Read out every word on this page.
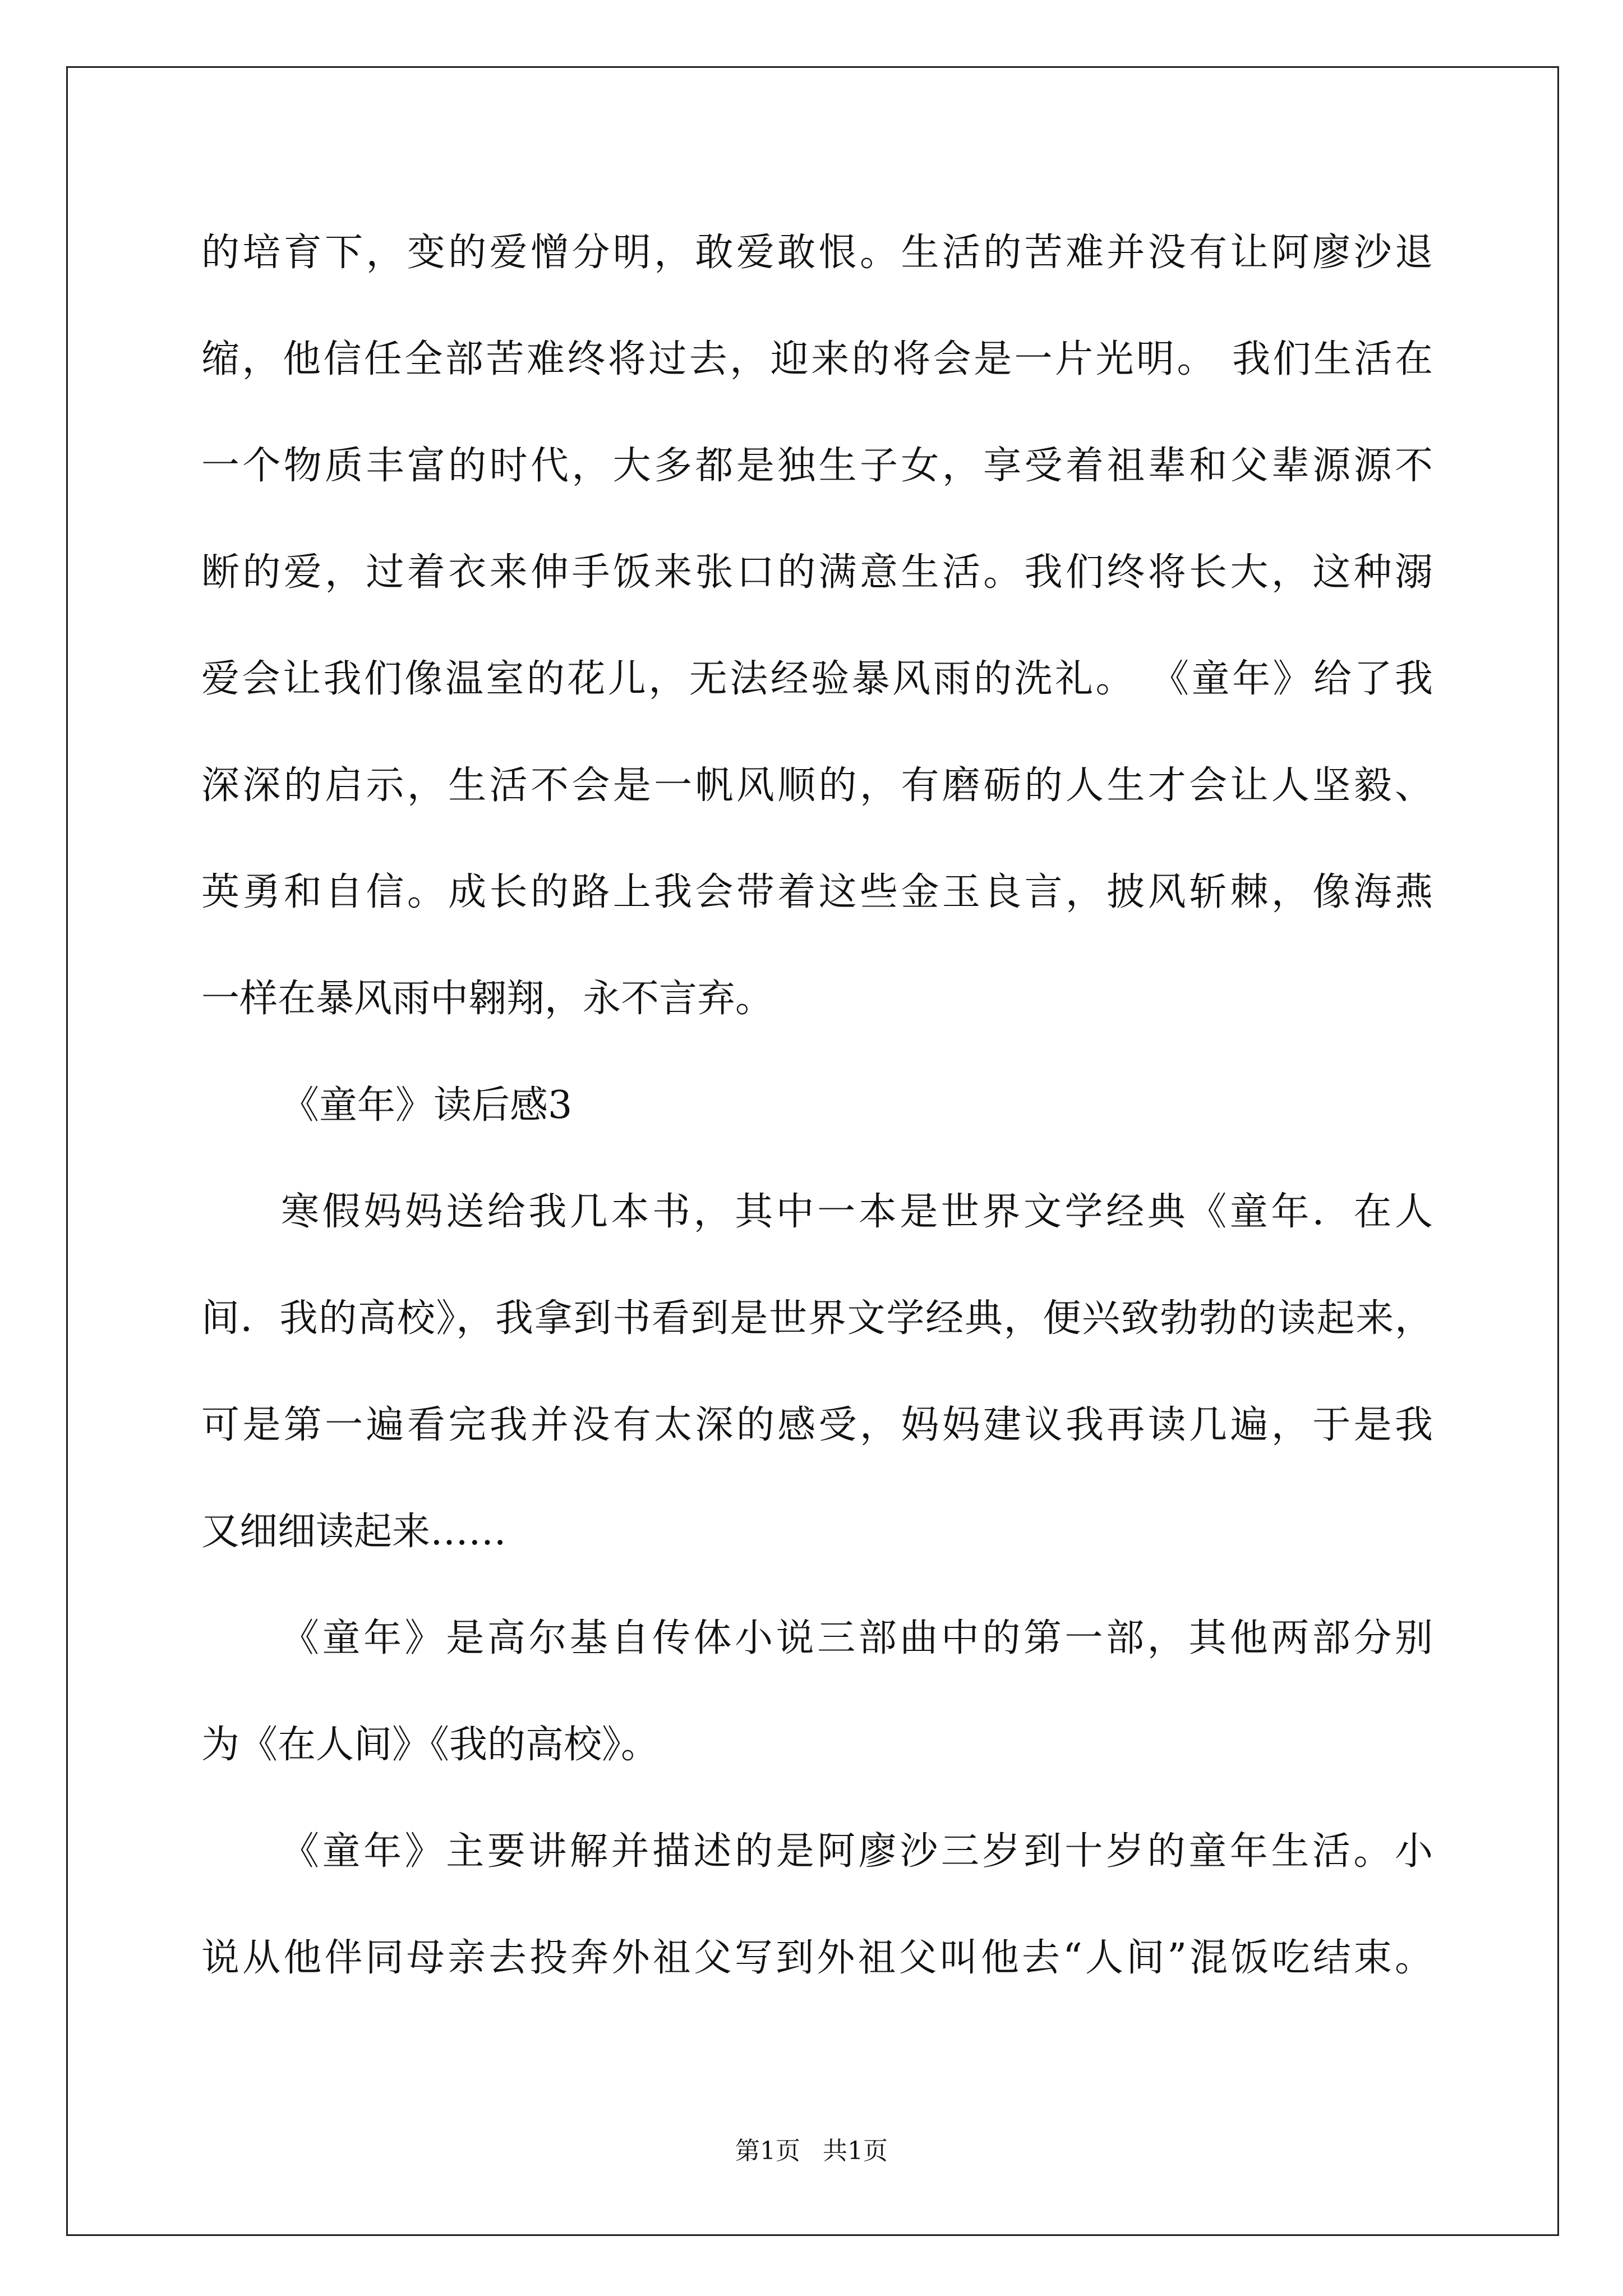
的培育下，变的爱憎分明，敢爱敢恨。生活的苦难并没有让阿廖沙退
缩，他信任全部苦难终将过去，迎来的将会是一片光明。 我们生活在
一个物质丰富的时代，大多都是独生子女，享受着祖辈和父辈源源不
断的爱，过着衣来伸手饭来张口的满意生活。我们终将长大，这种溺
爱会让我们像温室的花儿，无法经验暴风雨的洗礼。 《童年》给了我
深深的启示，生活不会是一帆风顺的，有磨砺的人生才会让人坚毅、
英勇和自信。成长的路上我会带着这些金玉良言，披风斩棘，像海燕
一样在暴风雨中翱翔，永不言弃。
《童年》读后感3
寒假妈妈送给我几本书，其中一本是世界文学经典《童年．在人
间．我的高校》，我拿到书看到是世界文学经典，便兴致勃勃的读起来，
可是第一遍看完我并没有太深的感受，妈妈建议我再读几遍，于是我
又细细读起来……
《童年》是高尔基自传体小说三部曲中的第一部，其他两部分别
为《在人间》《我的高校》。
《童年》主要讲解并描述的是阿廖沙三岁到十岁的童年生活。小
说从他伴同母亲去投奔外祖父写到外祖父叫他去“人间”混饭吃结束。
第1页 共1页
